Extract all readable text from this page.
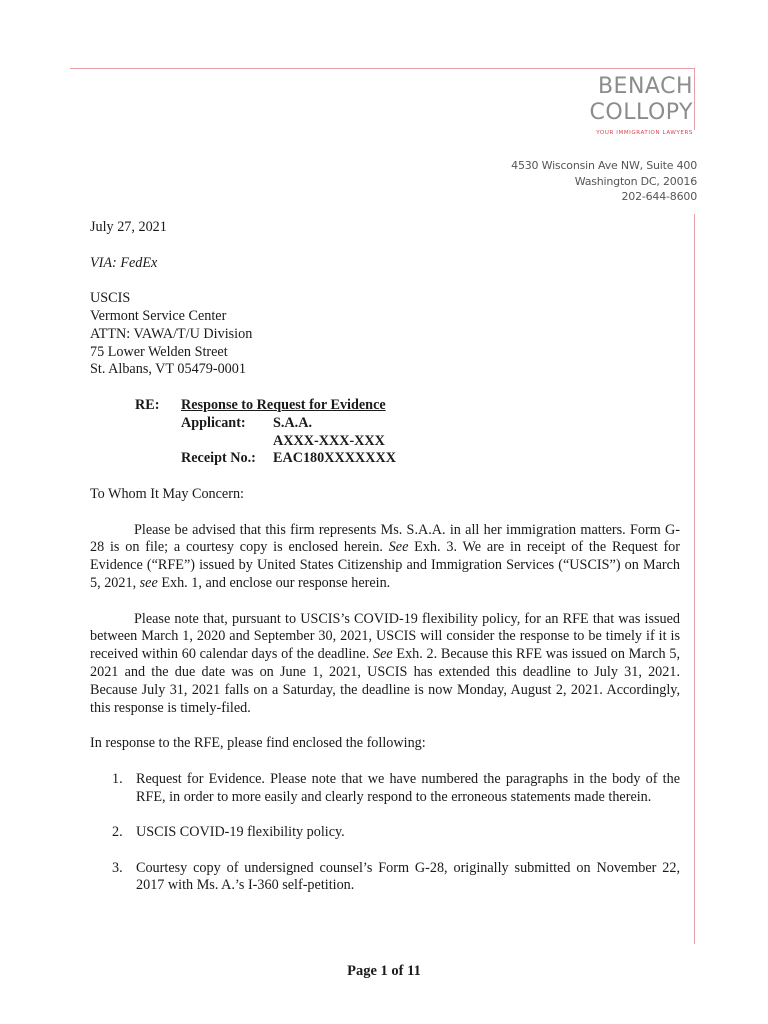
BENACH
COLLOPY
YOUR IMMIGRATION LAWYERS
4530 Wisconsin Ave NW, Suite 400
Washington DC, 20016
202-644-8600

July 27, 2021

VIA: FedEx

USCIS

Vermont Service Center

ATTN: VAWA/T/U Division

75 Lower Welden Street

St. Albans, VT 05479-0001

RE:	Response to Request for Evidence	
	Applicant:	S.A.A.
		AXXX-XXX-XXX
	Receipt No.:	EAC180XXXXXXX

To Whom It May Concern:

Please be advised that this firm represents Ms. S.A.A. in all her immigration matters. Form G-28 is on file; a courtesy copy is enclosed herein. See Exh. 3. We are in receipt of the Request for Evidence (“RFE”) issued by United States Citizenship and Immigration Services (“USCIS”) on March 5, 2021, see Exh. 1, and enclose our response herein.

Please note that, pursuant to USCIS’s COVID-19 flexibility policy, for an RFE that was issued between March 1, 2020 and September 30, 2021, USCIS will consider the response to be timely if it is received within 60 calendar days of the deadline. See Exh. 2. Because this RFE was issued on March 5, 2021 and the due date was on June 1, 2021, USCIS has extended this deadline to July 31, 2021. Because July 31, 2021 falls on a Saturday, the deadline is now Monday, August 2, 2021. Accordingly, this response is timely-filed.

In response to the RFE, please find enclosed the following:

1. Request for Evidence. Please note that we have numbered the paragraphs in the body of the RFE, in order to more easily and clearly respond to the erroneous statements made therein.
2. USCIS COVID-19 flexibility policy.
3. Courtesy copy of undersigned counsel’s Form G-28, originally submitted on November 22, 2017 with Ms. A.’s I-360 self-petition.
Page 1 of 11
